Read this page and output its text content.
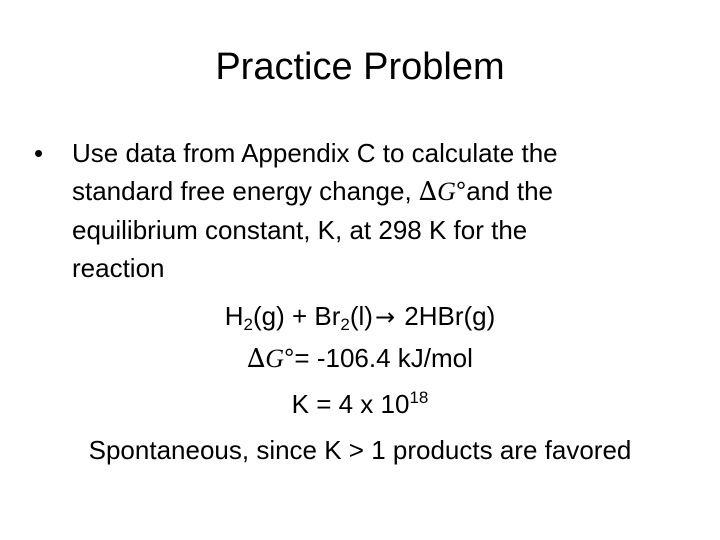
Practice Problem
• Use data from Appendix C to calculate the
standard free energy change, ∆G°and the
equilibrium constant, K, at 298 K for the
reaction
$H_2(g) + Br_2(l)\to 2HBr(g)$
∆G°= -106.4 kJ/mol
K = 4 x $10^{18}$
Spontaneous, since K > 1 products are favored
